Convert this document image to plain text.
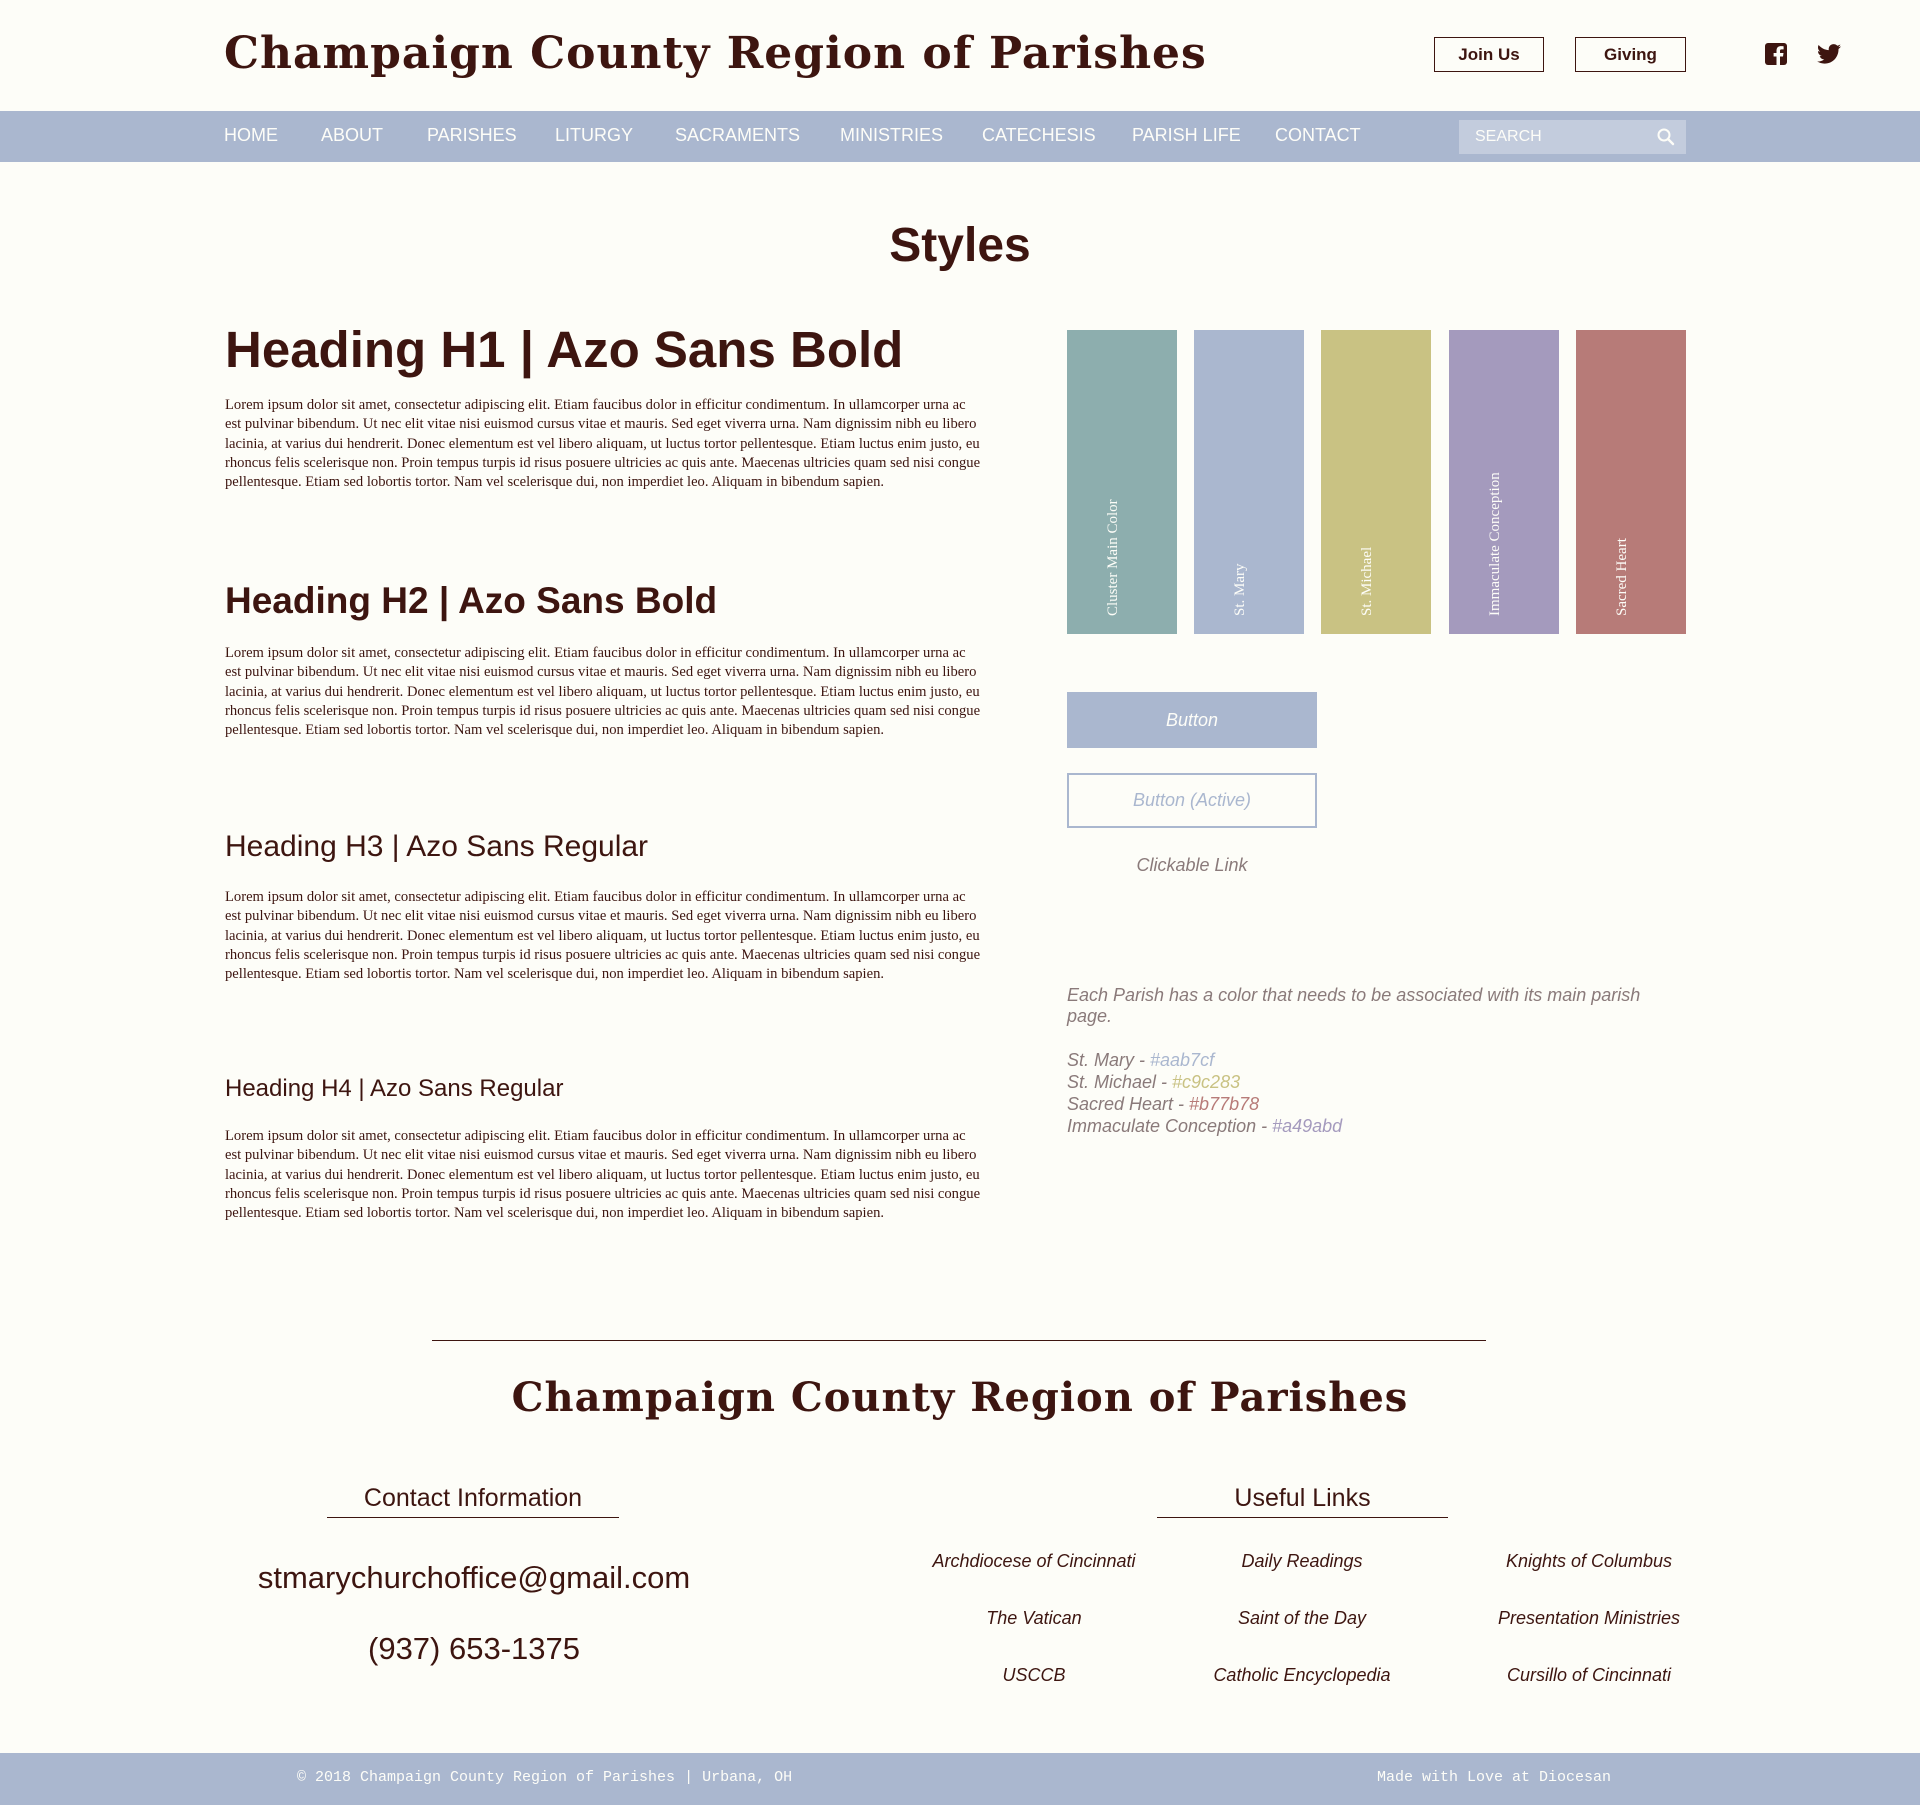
Champaign County Region of Parishes	Join Us	Giving
HOME ABOUT PARISHES LITURGY SACRAMENTS MINISTRIES CATECHESIS PARISH LIFE CONTACT
SEARCH
Styles
Heading H1 | Azo Sans Bold

Lorem ipsum dolor sit amet, consectetur adipiscing elit. Etiam faucibus dolor in efficitur condimentum. In ullamcorper urna ac est pulvinar bibendum. Ut nec elit vitae nisi euismod cursus vitae et mauris. Sed eget viverra urna. Nam dignissim nibh eu libero lacinia, at varius dui hendrerit. Donec elementum est vel libero aliquam, ut luctus tortor pellentesque. Etiam luctus enim justo, eu rhoncus felis scelerisque non. Proin tempus turpis id risus posuere ultricies ac quis ante. Maecenas ultricies quam sed nisi congue pellentesque. Etiam sed lobortis tortor. Nam vel scelerisque dui, non imperdiet leo. Aliquam in bibendum sapien.

Heading H2 | Azo Sans Bold

Lorem ipsum dolor sit amet, consectetur adipiscing elit. Etiam faucibus dolor in efficitur condimentum. In ullamcorper urna ac est pulvinar bibendum. Ut nec elit vitae nisi euismod cursus vitae et mauris. Sed eget viverra urna. Nam dignissim nibh eu libero lacinia, at varius dui hendrerit. Donec elementum est vel libero aliquam, ut luctus tortor pellentesque. Etiam luctus enim justo, eu rhoncus felis scelerisque non. Proin tempus turpis id risus posuere ultricies ac quis ante. Maecenas ultricies quam sed nisi congue pellentesque. Etiam sed lobortis tortor. Nam vel scelerisque dui, non imperdiet leo. Aliquam in bibendum sapien.

Heading H3 | Azo Sans Regular

Lorem ipsum dolor sit amet, consectetur adipiscing elit. Etiam faucibus dolor in efficitur condimentum. In ullamcorper urna ac est pulvinar bibendum. Ut nec elit vitae nisi euismod cursus vitae et mauris. Sed eget viverra urna. Nam dignissim nibh eu libero lacinia, at varius dui hendrerit. Donec elementum est vel libero aliquam, ut luctus tortor pellentesque. Etiam luctus enim justo, eu rhoncus felis scelerisque non. Proin tempus turpis id risus posuere ultricies ac quis ante. Maecenas ultricies quam sed nisi congue pellentesque. Etiam sed lobortis tortor. Nam vel scelerisque dui, non imperdiet leo. Aliquam in bibendum sapien.

Heading H4 | Azo Sans Regular

Lorem ipsum dolor sit amet, consectetur adipiscing elit. Etiam faucibus dolor in efficitur condimentum. In ullamcorper urna ac est pulvinar bibendum. Ut nec elit vitae nisi euismod cursus vitae et mauris. Sed eget viverra urna. Nam dignissim nibh eu libero lacinia, at varius dui hendrerit. Donec elementum est vel libero aliquam, ut luctus tortor pellentesque. Etiam luctus enim justo, eu rhoncus felis scelerisque non. Proin tempus turpis id risus posuere ultricies ac quis ante. Maecenas ultricies quam sed nisi congue pellentesque. Etiam sed lobortis tortor. Nam vel scelerisque dui, non imperdiet leo. Aliquam in bibendum sapien.

Cluster Main Color	St. Mary	St. Michael	Immaculate Conception	Sacred Heart
Button
Button (Active)
Clickable Link

Each Parish has a color that needs to be associated with its main parish page.

St. Mary - #aab7cf
St. Michael - #c9c283
Sacred Heart - #b77b78
Immaculate Conception - #a49abd
Champaign County Region of Parishes
Contact Information
stmarychurchoffice@gmail.com
(937) 653-1375
Useful Links
Archdiocese of Cincinnati	Daily Readings	Knights of Columbus
The Vatican	Saint of the Day	Presentation Ministries
USCCB	Catholic Encyclopedia	Cursillo of Cincinnati
© 2018 Champaign County Region of Parishes | Urbana, OH	Made with Love at Diocesan
